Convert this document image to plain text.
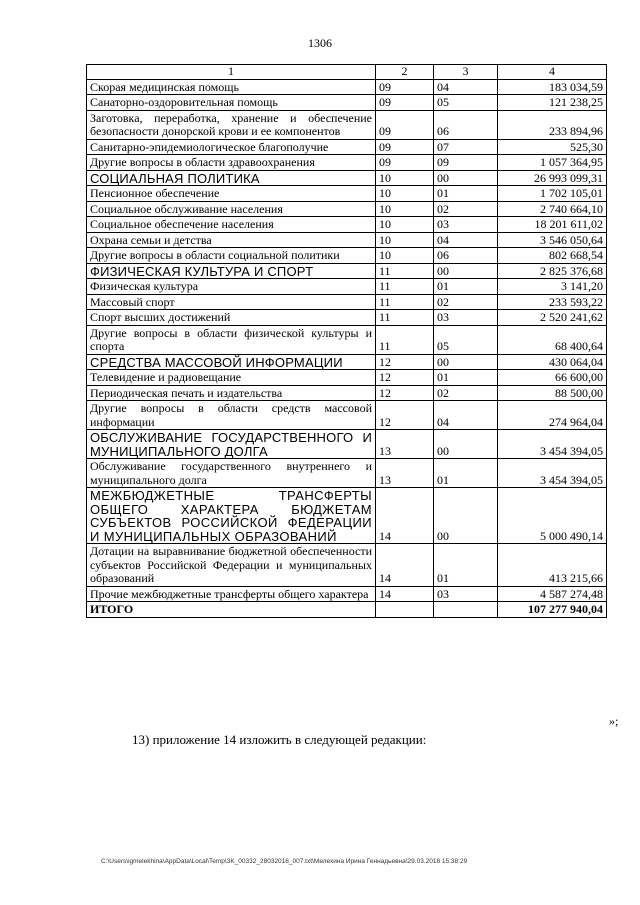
1306
1	2	3	4
Скорая медицинская помощь	09	04	183 034,59
Санаторно-оздоровительная помощь	09	05	121 238,25
Заготовка, переработка, хранение и обеспечение безопасности донорской крови и ее компонентов	09	06	233 894,96
Санитарно-эпидемиологическое благополучие	09	07	525,30
Другие вопросы в области здравоохранения	09	09	1 057 364,95
СОЦИАЛЬНАЯ ПОЛИТИКА	10	00	26 993 099,31
Пенсионное обеспечение	10	01	1 702 105,01
Социальное обслуживание населения	10	02	2 740 664,10
Социальное обеспечение населения	10	03	18 201 611,02
Охрана семьи и детства	10	04	3 546 050,64
Другие вопросы в области социальной политики	10	06	802 668,54
ФИЗИЧЕСКАЯ КУЛЬТУРА И СПОРТ	11	00	2 825 376,68
Физическая культура	11	01	3 141,20
Массовый спорт	11	02	233 593,22
Спорт высших достижений	11	03	2 520 241,62
Другие вопросы в области физической культуры и спорта	11	05	68 400,64
СРЕДСТВА МАССОВОЙ ИНФОРМАЦИИ	12	00	430 064,04
Телевидение и радиовещание	12	01	66 600,00
Периодическая печать и издательства	12	02	88 500,00
Другие вопросы в области средств массовой информации	12	04	274 964,04
ОБСЛУЖИВАНИЕ ГОСУДАРСТВЕННОГО И МУНИЦИПАЛЬНОГО ДОЛГА	13	00	3 454 394,05
Обслуживание государственного внутреннего и муниципального долга	13	01	3 454 394,05
МЕЖБЮДЖЕТНЫЕ ТРАНСФЕРТЫ ОБЩЕГО ХАРАКТЕРА БЮДЖЕТАМ СУБЪЕКТОВ РОССИЙСКОЙ ФЕДЕРАЦИИ И МУНИЦИПАЛЬНЫХ ОБРАЗОВАНИЙ	14	00	5 000 490,14
Дотации на выравнивание бюджетной обеспеченности субъектов Российской Федерации и муниципальных образований	14	01	413 215,66
Прочие межбюджетные трансферты общего характера	14	03	4 587 274,48
ИТОГО			107 277 940,04
»;
13) приложение 14 изложить в следующей редакции:
C:\Users\igmelekhina\AppData\Local\Temp\3K_00332_28032018_007.txt\Мелехина Ирина Геннадьевна\29.03.2018 15:38:29
